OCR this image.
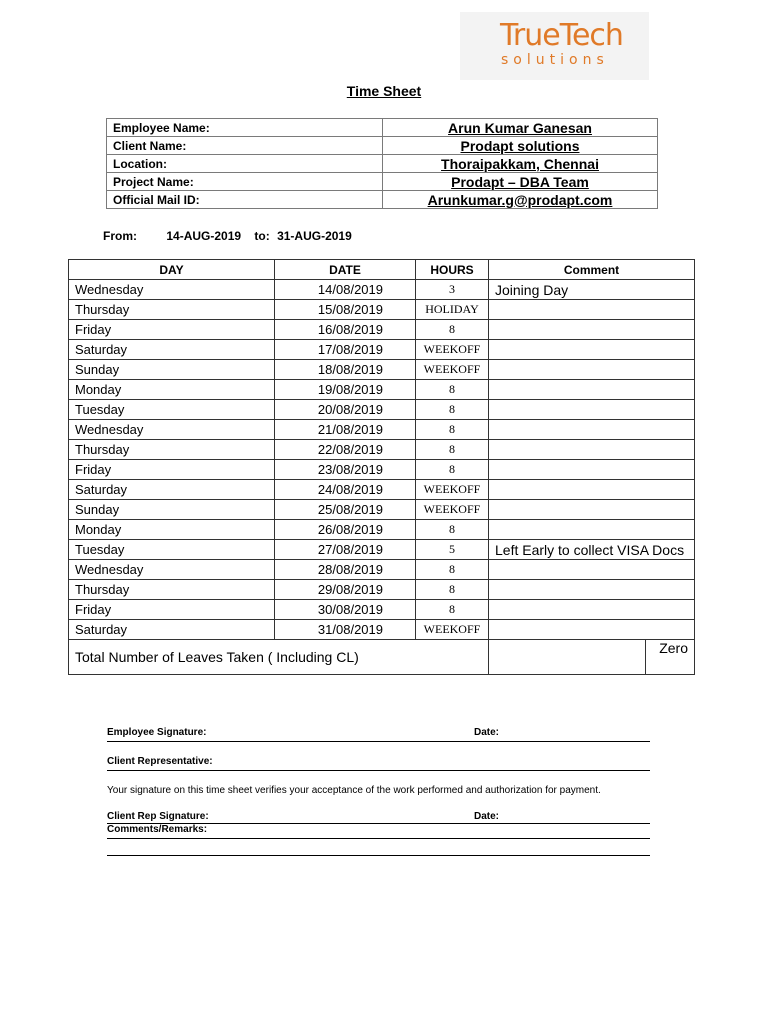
TrueTech
solutions
Time Sheet
Employee Name:	Arun Kumar Ganesan
Client Name:	Prodapt solutions
Location:	Thoraipakkam, Chennai
Project Name:	Prodapt – DBA Team
Official Mail ID:	Arunkumar.g@prodapt.com
From: 14-AUG-2019 to: 31-AUG-2019
DAY	DATE	HOURS	Comment
Wednesday	14/08/2019	3	Joining Day
Thursday	15/08/2019	HOLIDAY	
Friday	16/08/2019	8	
Saturday	17/08/2019	WEEKOFF	
Sunday	18/08/2019	WEEKOFF	
Monday	19/08/2019	8	
Tuesday	20/08/2019	8	
Wednesday	21/08/2019	8	
Thursday	22/08/2019	8	
Friday	23/08/2019	8	
Saturday	24/08/2019	WEEKOFF	
Sunday	25/08/2019	WEEKOFF	
Monday	26/08/2019	8	
Tuesday	27/08/2019	5	Left Early to collect VISA Docs
Wednesday	28/08/2019	8	
Thursday	29/08/2019	8	
Friday	30/08/2019	8	
Saturday	31/08/2019	WEEKOFF	
Total Number of Leaves Taken ( Including CL)			Zero
Employee Signature:	Date:
Client Representative:
Your signature on this time sheet verifies your acceptance of the work performed and authorization for payment.
Client Rep Signature:	Date:
Comments/Remarks:
